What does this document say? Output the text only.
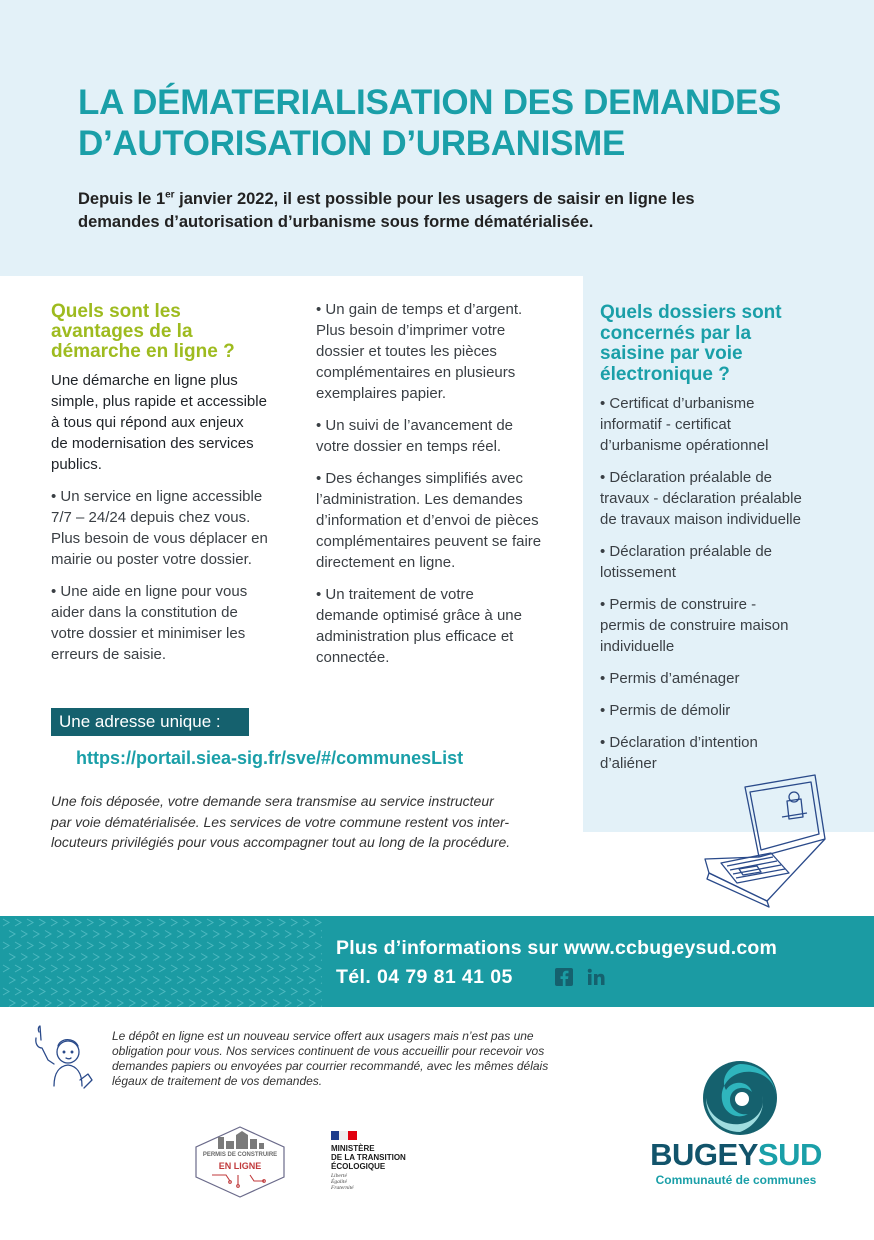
LA DÉMATERIALISATION DES DEMANDES
D’AUTORISATION D’URBANISME

Depuis le 1er janvier 2022, il est possible pour les usagers de saisir en ligne les
demandes d’autorisation d’urbanisme sous forme dématérialisée.

Quels sont les
avantages de la
démarche en ligne ?
Une démarche en ligne plus
simple, plus rapide et accessible
à tous qui répond aux enjeux
de modernisation des services
publics.
• Un service en ligne accessible
7/7 – 24/24 depuis chez vous.
Plus besoin de vous déplacer en
mairie ou poster votre dossier.
• Une aide en ligne pour vous
aider dans la constitution de
votre dossier et minimiser les
erreurs de saisie.
• Un gain de temps et d’argent.
Plus besoin d’imprimer votre
dossier et toutes les pièces
complémentaires en plusieurs
exemplaires papier.
• Un suivi de l’avancement de
votre dossier en temps réel.
• Des échanges simplifiés avec
l’administration. Les demandes
d’information et d’envoi de pièces
complémentaires peuvent se faire
directement en ligne.
• Un traitement de votre
demande optimisé grâce à une
administration plus efficace et
connectée.
Quels dossiers sont
concernés par la
saisine par voie
électronique ?
• Certificat d’urbanisme
informatif - certificat
d’urbanisme opérationnel
• Déclaration préalable de
travaux - déclaration préalable
de travaux maison individuelle
• Déclaration préalable de
lotissement
• Permis de construire -
permis de construire maison
individuelle
• Permis d’aménager
• Permis de démolir
• Déclaration d’intention
d’aliéner
Une adresse unique :
https://portail.siea-sig.fr/sve/#/communesList
Une fois déposée, votre demande sera transmise au service instructeur
par voie dématérialisée. Les services de votre commune restent vos inter-
locuteurs privilégiés pour vous accompagner tout au long de la procédure.
Plus d’informations sur www.ccbugeysud.com
Tél. 04 79 81 41 05
Le dépôt en ligne est un nouveau service offert aux usagers mais n’est pas une
obligation pour vous. Nos services continuent de vous accueillir pour recevoir vos
demandes papiers ou envoyées par courrier recommandé, avec les mêmes délais
légaux de traitement de vos demandes.
PERMIS DE CONSTRUIRE
EN LIGNE
MINISTÈRE
DE LA TRANSITION
ÉCOLOGIQUE
Liberté
Égalité
Fraternité
BUGEYSUD
Communauté de communes
